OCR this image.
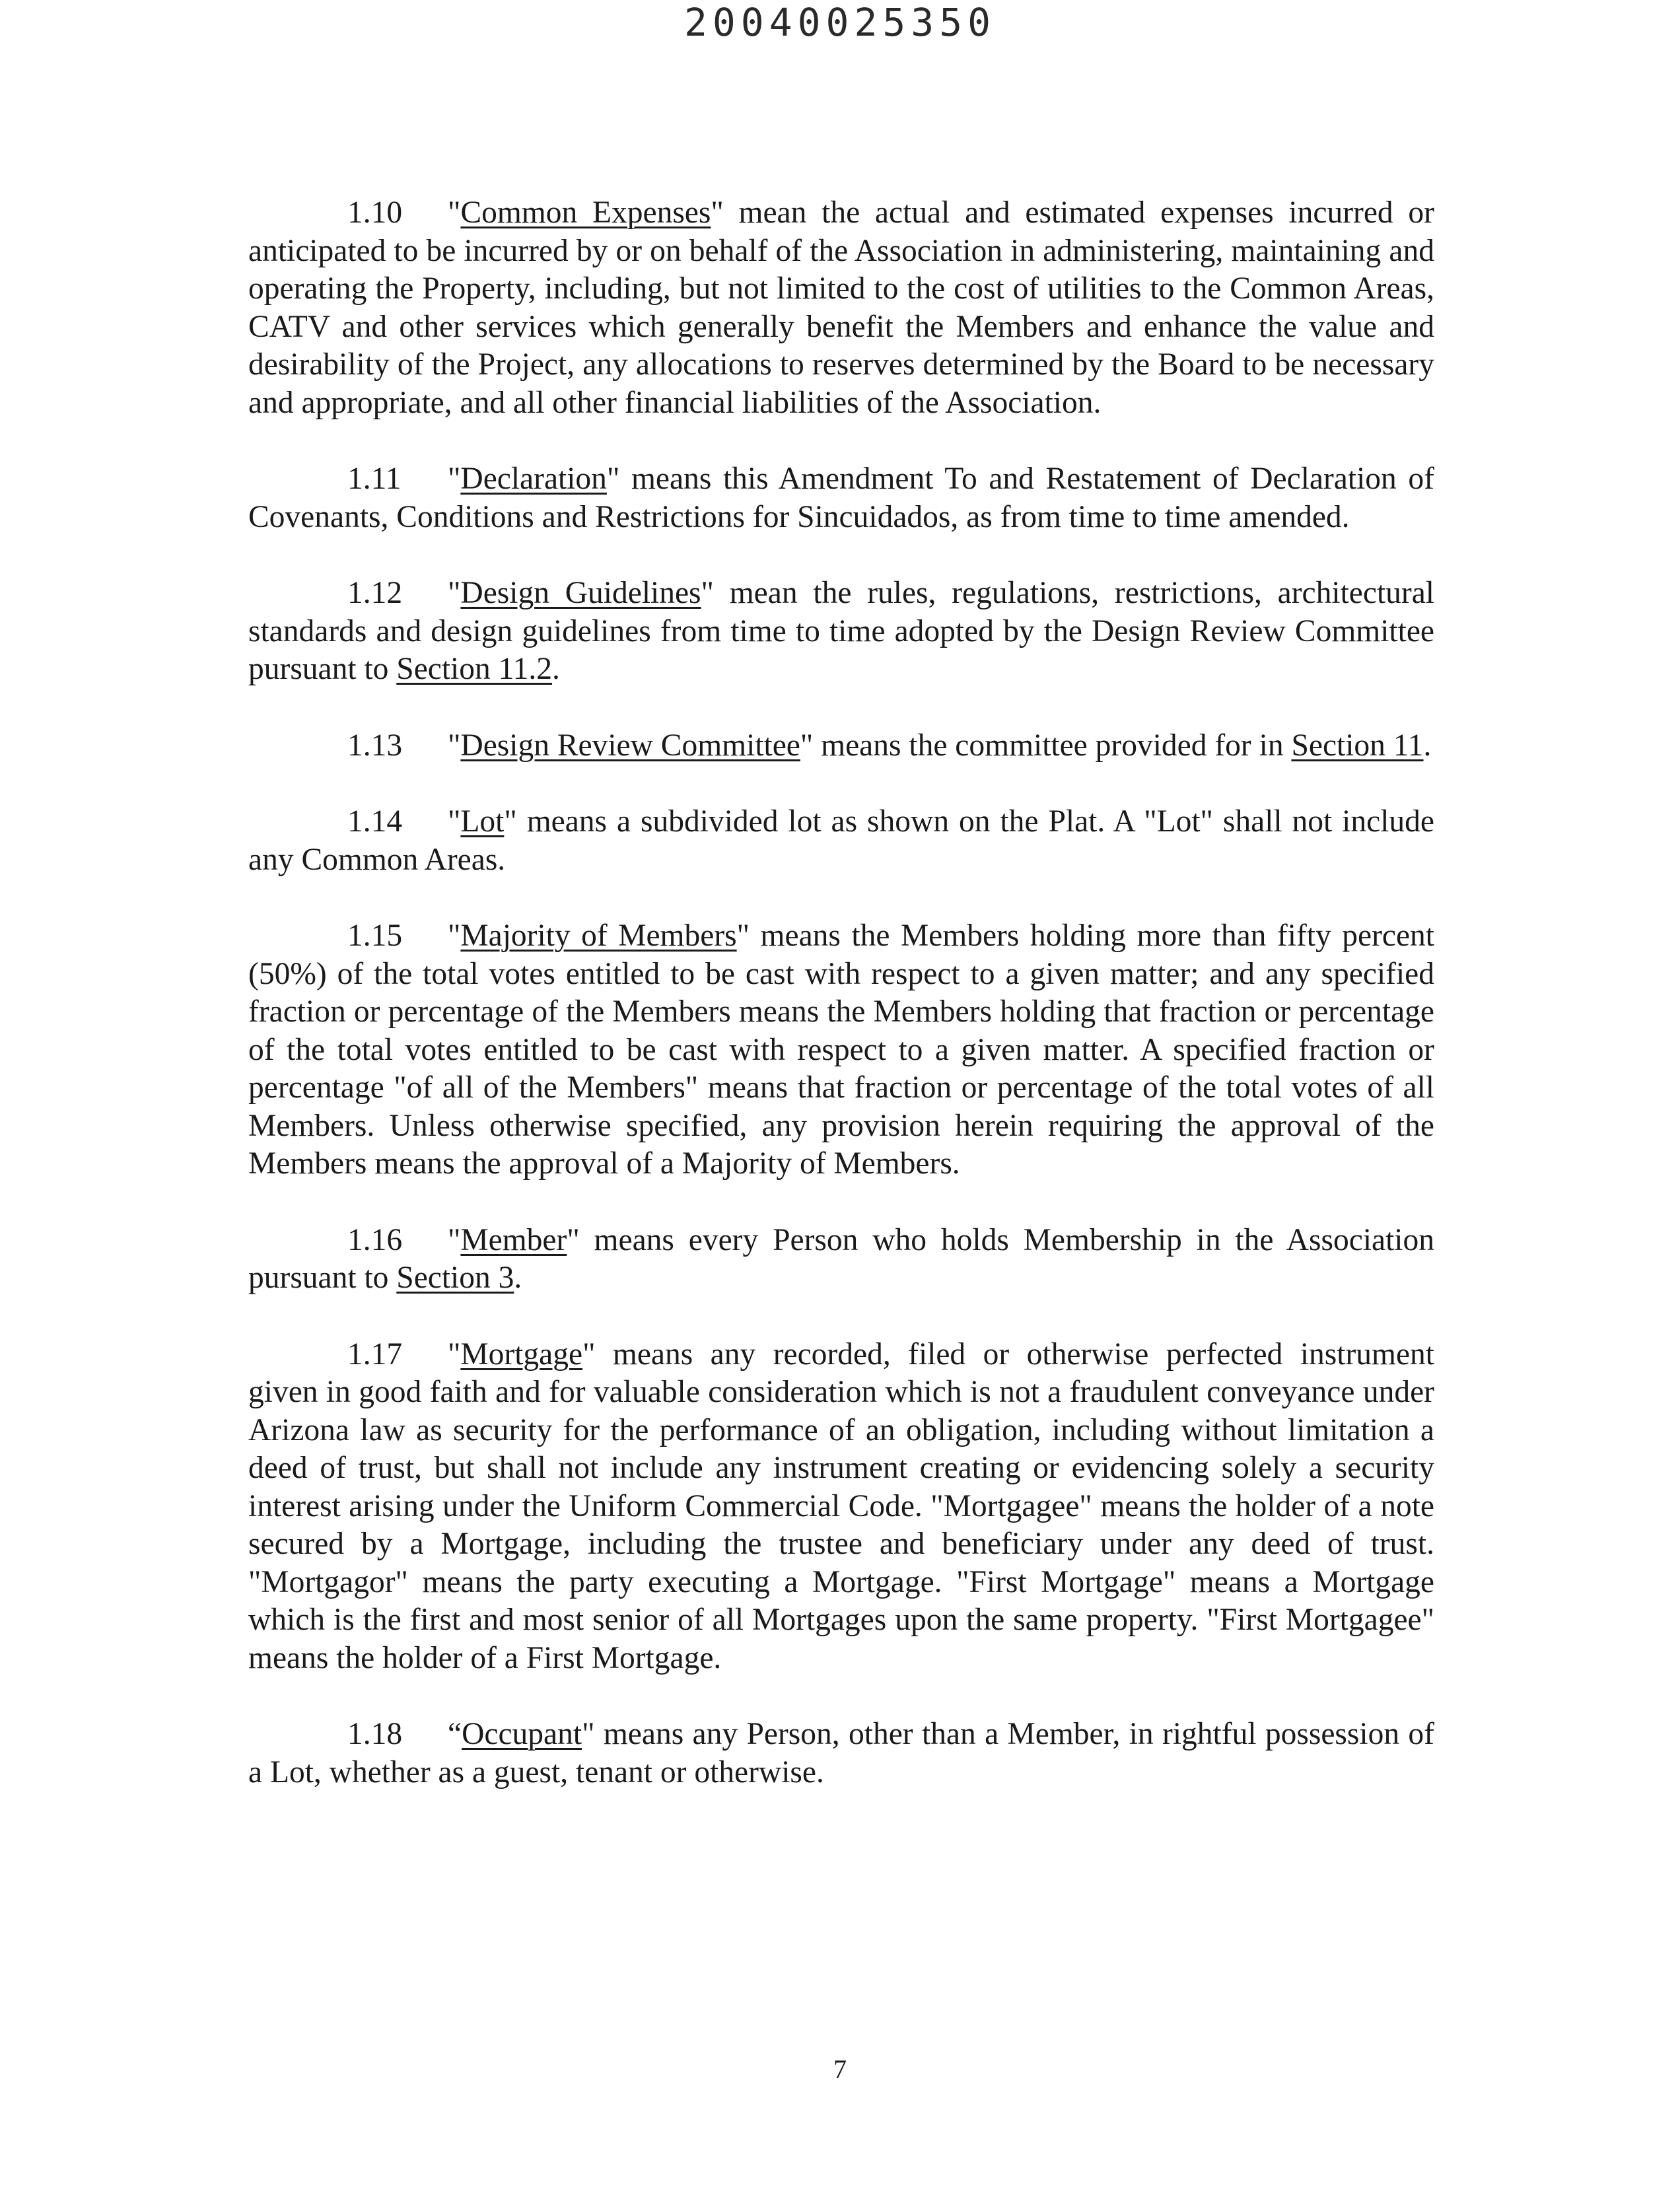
20040025350

1.10 "Common Expenses" mean the actual and estimated expenses incurred or anticipated to be incurred by or on behalf of the Association in administering, maintaining and operating the Property, including, but not limited to the cost of utilities to the Common Areas, CATV and other services which generally benefit the Members and enhance the value and desirability of the Project, any allocations to reserves determined by the Board to be necessary and appropriate, and all other financial liabilities of the Association.

1.11 "Declaration" means this Amendment To and Restatement of Declaration of Covenants, Conditions and Restrictions for Sincuidados, as from time to time amended.

1.12 "Design Guidelines" mean the rules, regulations, restrictions, architectural standards and design guidelines from time to time adopted by the Design Review Committee pursuant to Section 11.2.

1.13 "Design Review Committee" means the committee provided for in Section 11.

1.14 "Lot" means a subdivided lot as shown on the Plat. A "Lot" shall not include any Common Areas.

1.15 "Majority of Members" means the Members holding more than fifty percent (50%) of the total votes entitled to be cast with respect to a given matter; and any specified fraction or percentage of the Members means the Members holding that fraction or percentage of the total votes entitled to be cast with respect to a given matter. A specified fraction or percentage "of all of the Members" means that fraction or percentage of the total votes of all Members. Unless otherwise specified, any provision herein requiring the approval of the Members means the approval of a Majority of Members.

1.16 "Member" means every Person who holds Membership in the Association pursuant to Section 3.

1.17 "Mortgage" means any recorded, filed or otherwise perfected instrument given in good faith and for valuable consideration which is not a fraudulent conveyance under Arizona law as security for the performance of an obligation, including without limitation a deed of trust, but shall not include any instrument creating or evidencing solely a security interest arising under the Uniform Commercial Code. "Mortgagee" means the holder of a note secured by a Mortgage, including the trustee and beneficiary under any deed of trust. "Mortgagor" means the party executing a Mortgage. "First Mortgage" means a Mortgage which is the first and most senior of all Mortgages upon the same property. "First Mortgagee" means the holder of a First Mortgage.

1.18 “Occupant" means any Person, other than a Member, in rightful possession of a Lot, whether as a guest, tenant or otherwise.

7
